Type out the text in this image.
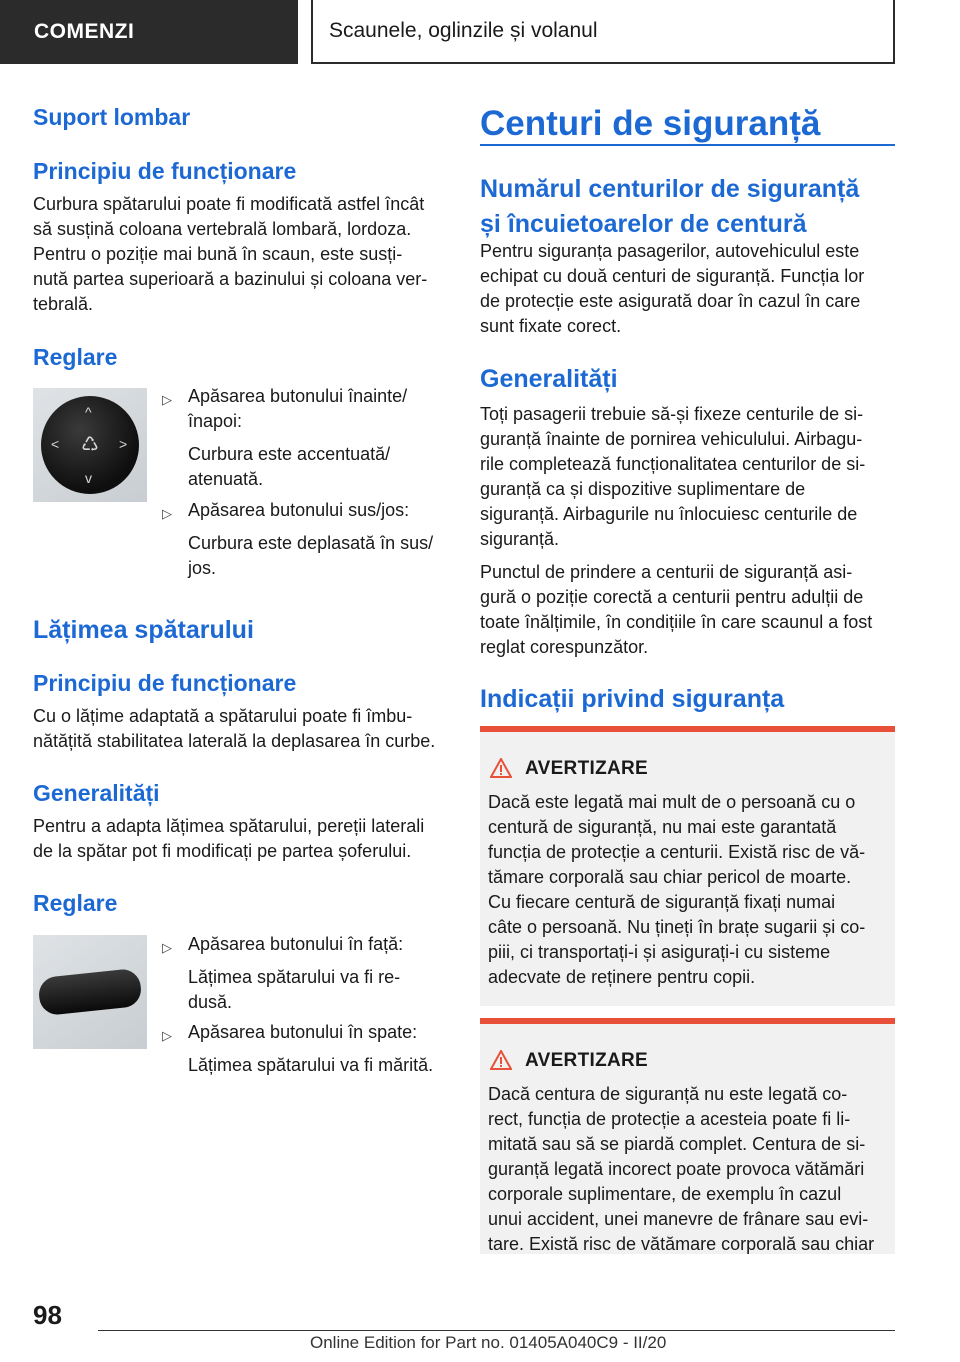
COMENZI	Scaunele, oglinzile și volanul
Suport lombar
Principiu de funcționare
Curbura spătarului poate fi modificată astfel încât
să susțină coloana vertebrală lombară, lordoza.
Pentru o poziție mai bună în scaun, este susți-
nută partea superioară a bazinului și coloana ver-
tebrală.
Reglare
^
<	>
v
♺
▷ Apăsarea butonului înainte/
înapoi:
Curbura este accentuată/
atenuată.
▷ Apăsarea butonului sus/jos:
Curbura este deplasată în sus/
jos.
Lățimea spătarului
Principiu de funcționare
Cu o lățime adaptată a spătarului poate fi îmbu-
nătățită stabilitatea laterală la deplasarea în curbe.
Generalități
Pentru a adapta lățimea spătarului, pereții laterali
de la spătar pot fi modificați pe partea șoferului.
Reglare
▷ Apăsarea butonului în față:
Lățimea spătarului va fi re-
dusă.
▷ Apăsarea butonului în spate:
Lățimea spătarului va fi mărită.
Centuri de siguranță
Numărul centurilor de siguranță
și încuietoarelor de centură
Pentru siguranța pasagerilor, autovehiculul este
echipat cu două centuri de siguranță. Funcția lor
de protecție este asigurată doar în cazul în care
sunt fixate corect.
Generalități
Toți pasagerii trebuie să-și fixeze centurile de si-
guranță înainte de pornirea vehiculului. Airbagu-
rile completează funcționalitatea centurilor de si-
guranță ca și dispozitive suplimentare de
siguranță. Airbagurile nu înlocuiesc centurile de
siguranță.
Punctul de prindere a centurii de siguranță asi-
gură o poziție corectă a centurii pentru adulții de
toate înălțimile, în condițiile în care scaunul a fost
reglat corespunzător.
Indicații privind siguranța
AVERTIZARE
Dacă este legată mai mult de o persoană cu o
centură de siguranță, nu mai este garantată
funcția de protecție a centurii. Există risc de vă-
tămare corporală sau chiar pericol de moarte.
Cu fiecare centură de siguranță fixați numai
câte o persoană. Nu țineți în brațe sugarii și co-
piii, ci transportați-i și asigurați-i cu sisteme
adecvate de reținere pentru copii.
AVERTIZARE
Dacă centura de siguranță nu este legată co-
rect, funcția de protecție a acesteia poate fi li-
mitată sau să se piardă complet. Centura de si-
guranță legată incorect poate provoca vătămări
corporale suplimentare, de exemplu în cazul
unui accident, unei manevre de frânare sau evi-
tare. Există risc de vătămare corporală sau chiar
98
Online Edition for Part no. 01405A040C9 - II/20
